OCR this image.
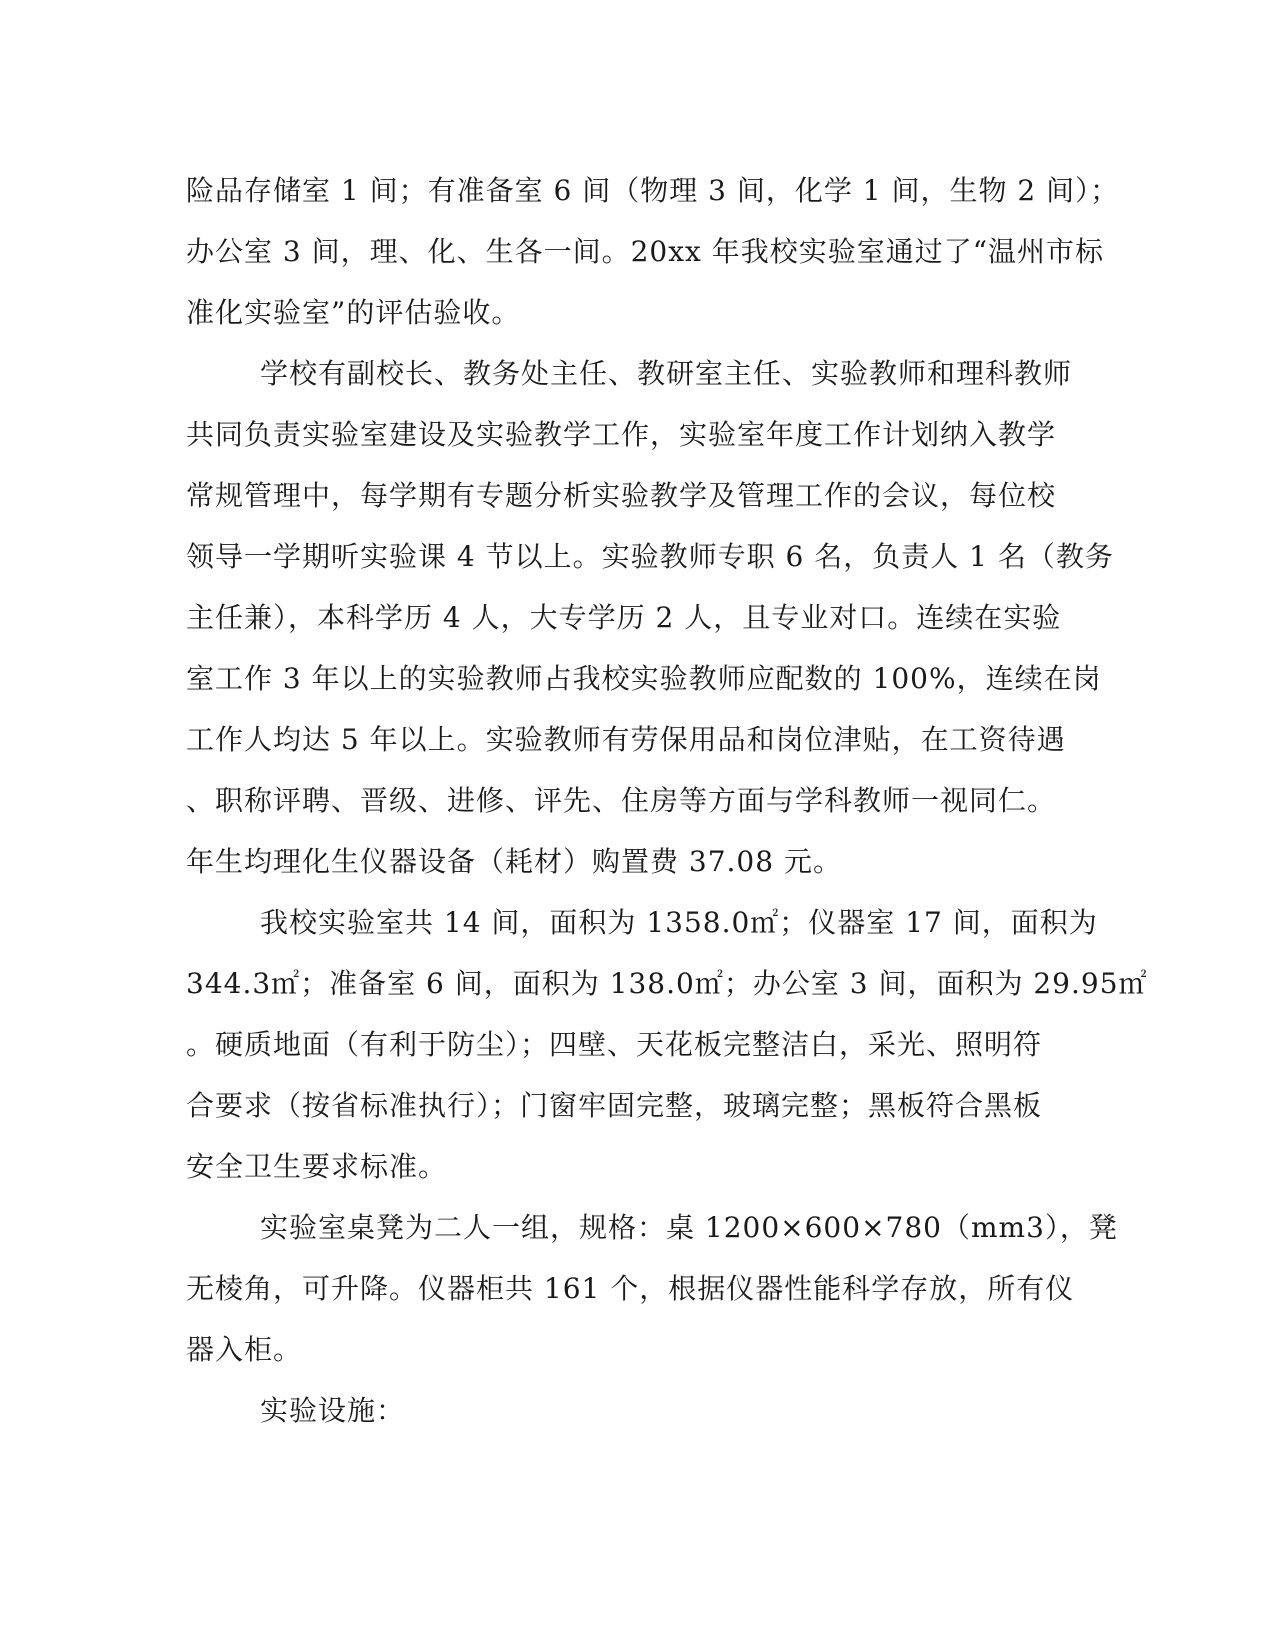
险品存储室 1 间；有准备室 6 间（物理 3 间，化学 1 间，生物 2 间）；
办公室 3 间，理、化、生各一间。20xx 年我校实验室通过了“温州市标
准化实验室”的评估验收。
学校有副校长、教务处主任、教研室主任、实验教师和理科教师
共同负责实验室建设及实验教学工作，实验室年度工作计划纳入教学
常规管理中，每学期有专题分析实验教学及管理工作的会议，每位校
领导一学期听实验课 4 节以上。实验教师专职 6 名，负责人 1 名（教务
主任兼），本科学历 4 人，大专学历 2 人，且专业对口。连续在实验
室工作 3 年以上的实验教师占我校实验教师应配数的 100%，连续在岗
工作人均达 5 年以上。实验教师有劳保用品和岗位津贴，在工资待遇
、职称评聘、晋级、进修、评先、住房等方面与学科教师一视同仁。
年生均理化生仪器设备（耗材）购置费 37.08 元。
我校实验室共 14 间，面积为 1358.0㎡；仪器室 17 间，面积为
344.3㎡；准备室 6 间，面积为 138.0㎡；办公室 3 间，面积为 29.95㎡
。硬质地面（有利于防尘）；四壁、天花板完整洁白，采光、照明符
合要求（按省标准执行）；门窗牢固完整，玻璃完整；黑板符合黑板
安全卫生要求标准。
实验室桌凳为二人一组，规格：桌 1200×600×780（mm3），凳
无棱角，可升降。仪器柜共 161 个，根据仪器性能科学存放，所有仪
器入柜。
实验设施：
